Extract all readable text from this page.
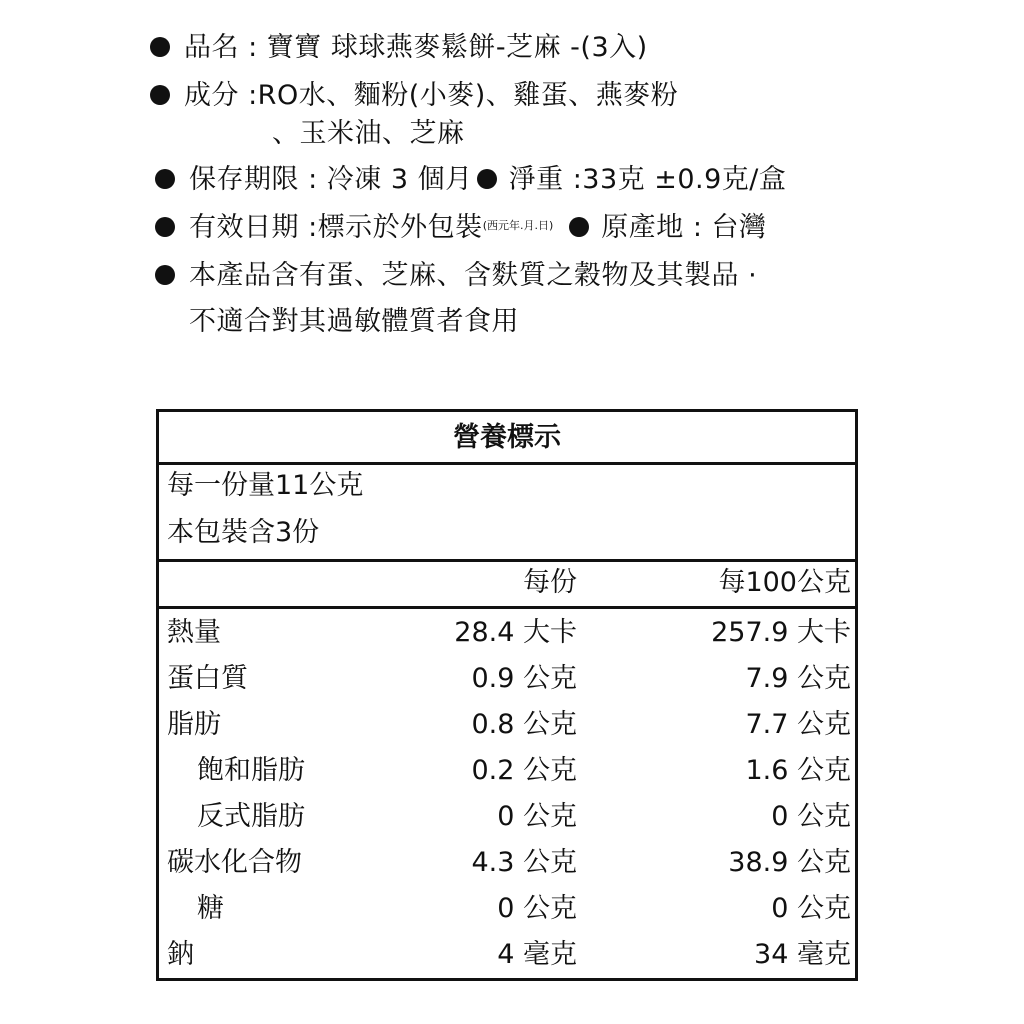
品名 : 寶寶 球球燕麥鬆餅-芝麻 -(3入)
成分 :RO水、麵粉(小麥)、雞蛋、燕麥粉
、玉米油、芝麻
保存期限 : 冷凍 3 個月 淨重 :33克 ±0.9克/盒
有效日期 :標示於外包裝(西元年.月.日) 原產地 : 台灣
本產品含有蛋、芝麻、含麩質之穀物及其製品 ·
不適合對其過敏體質者食用
營養標示
每一份量11公克
本包裝含3份
每份	每100公克
熱量	28.4 大卡	257.9 大卡
蛋白質	0.9 公克	7.9 公克
脂肪	0.8 公克	7.7 公克
飽和脂肪	0.2 公克	1.6 公克
反式脂肪	0 公克	0 公克
碳水化合物	4.3 公克	38.9 公克
糖	0 公克	0 公克
鈉	4 毫克	34 毫克
